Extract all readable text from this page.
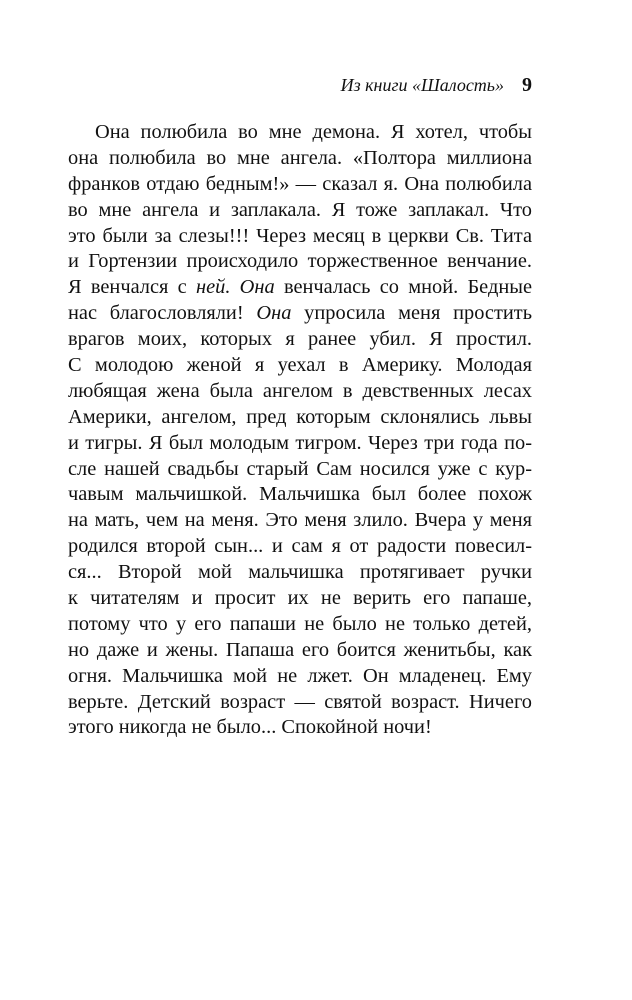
Из книги «Шалость» 9
Она полюбила во мне демона. Я хотел, чтобы
она полюбила во мне ангела. «Полтора миллиона
франков отдаю бедным!» — сказал я. Она полюбила
во мне ангела и заплакала. Я тоже заплакал. Что
это были за слезы!!! Через месяц в церкви Св. Тита
и Гортензии происходило торжественное венчание.
Я венчался с ней. Она венчалась со мной. Бедные
нас благословляли! Она упросила меня простить
врагов моих, которых я ранее убил. Я простил.
С молодою женой я уехал в Америку. Молодая
любящая жена была ангелом в девственных лесах
Америки, ангелом, пред которым склонялись львы
и тигры. Я был молодым тигром. Через три года по-
сле нашей свадьбы старый Сам носился уже с кур-
чавым мальчишкой. Мальчишка был более похож
на мать, чем на меня. Это меня злило. Вчера у меня
родился второй сын... и сам я от радости повесил-
ся... Второй мой мальчишка протягивает ручки
к читателям и просит их не верить его папаше,
потому что у его папаши не было не только детей,
но даже и жены. Папаша его боится женитьбы, как
огня. Мальчишка мой не лжет. Он младенец. Ему
верьте. Детский возраст — святой возраст. Ничего
этого никогда не было... Спокойной ночи!
